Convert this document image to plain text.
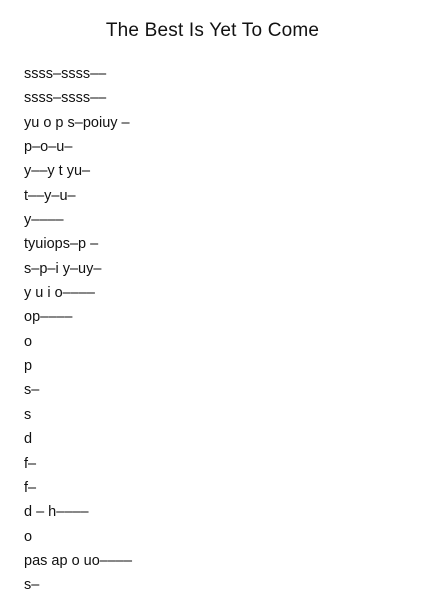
The Best Is Yet To Come
ssss–ssss––
ssss–ssss––
yu o p s–poiuy –
p–o–u–
y––y t yu–
t––y–u–
y––––
tyuiops–p –
s–p–i y–uy–
y u i o––––
op––––
o
p
s–
s
d
f–
f–
d – h––––
o
pas ap o uo––––
s–
